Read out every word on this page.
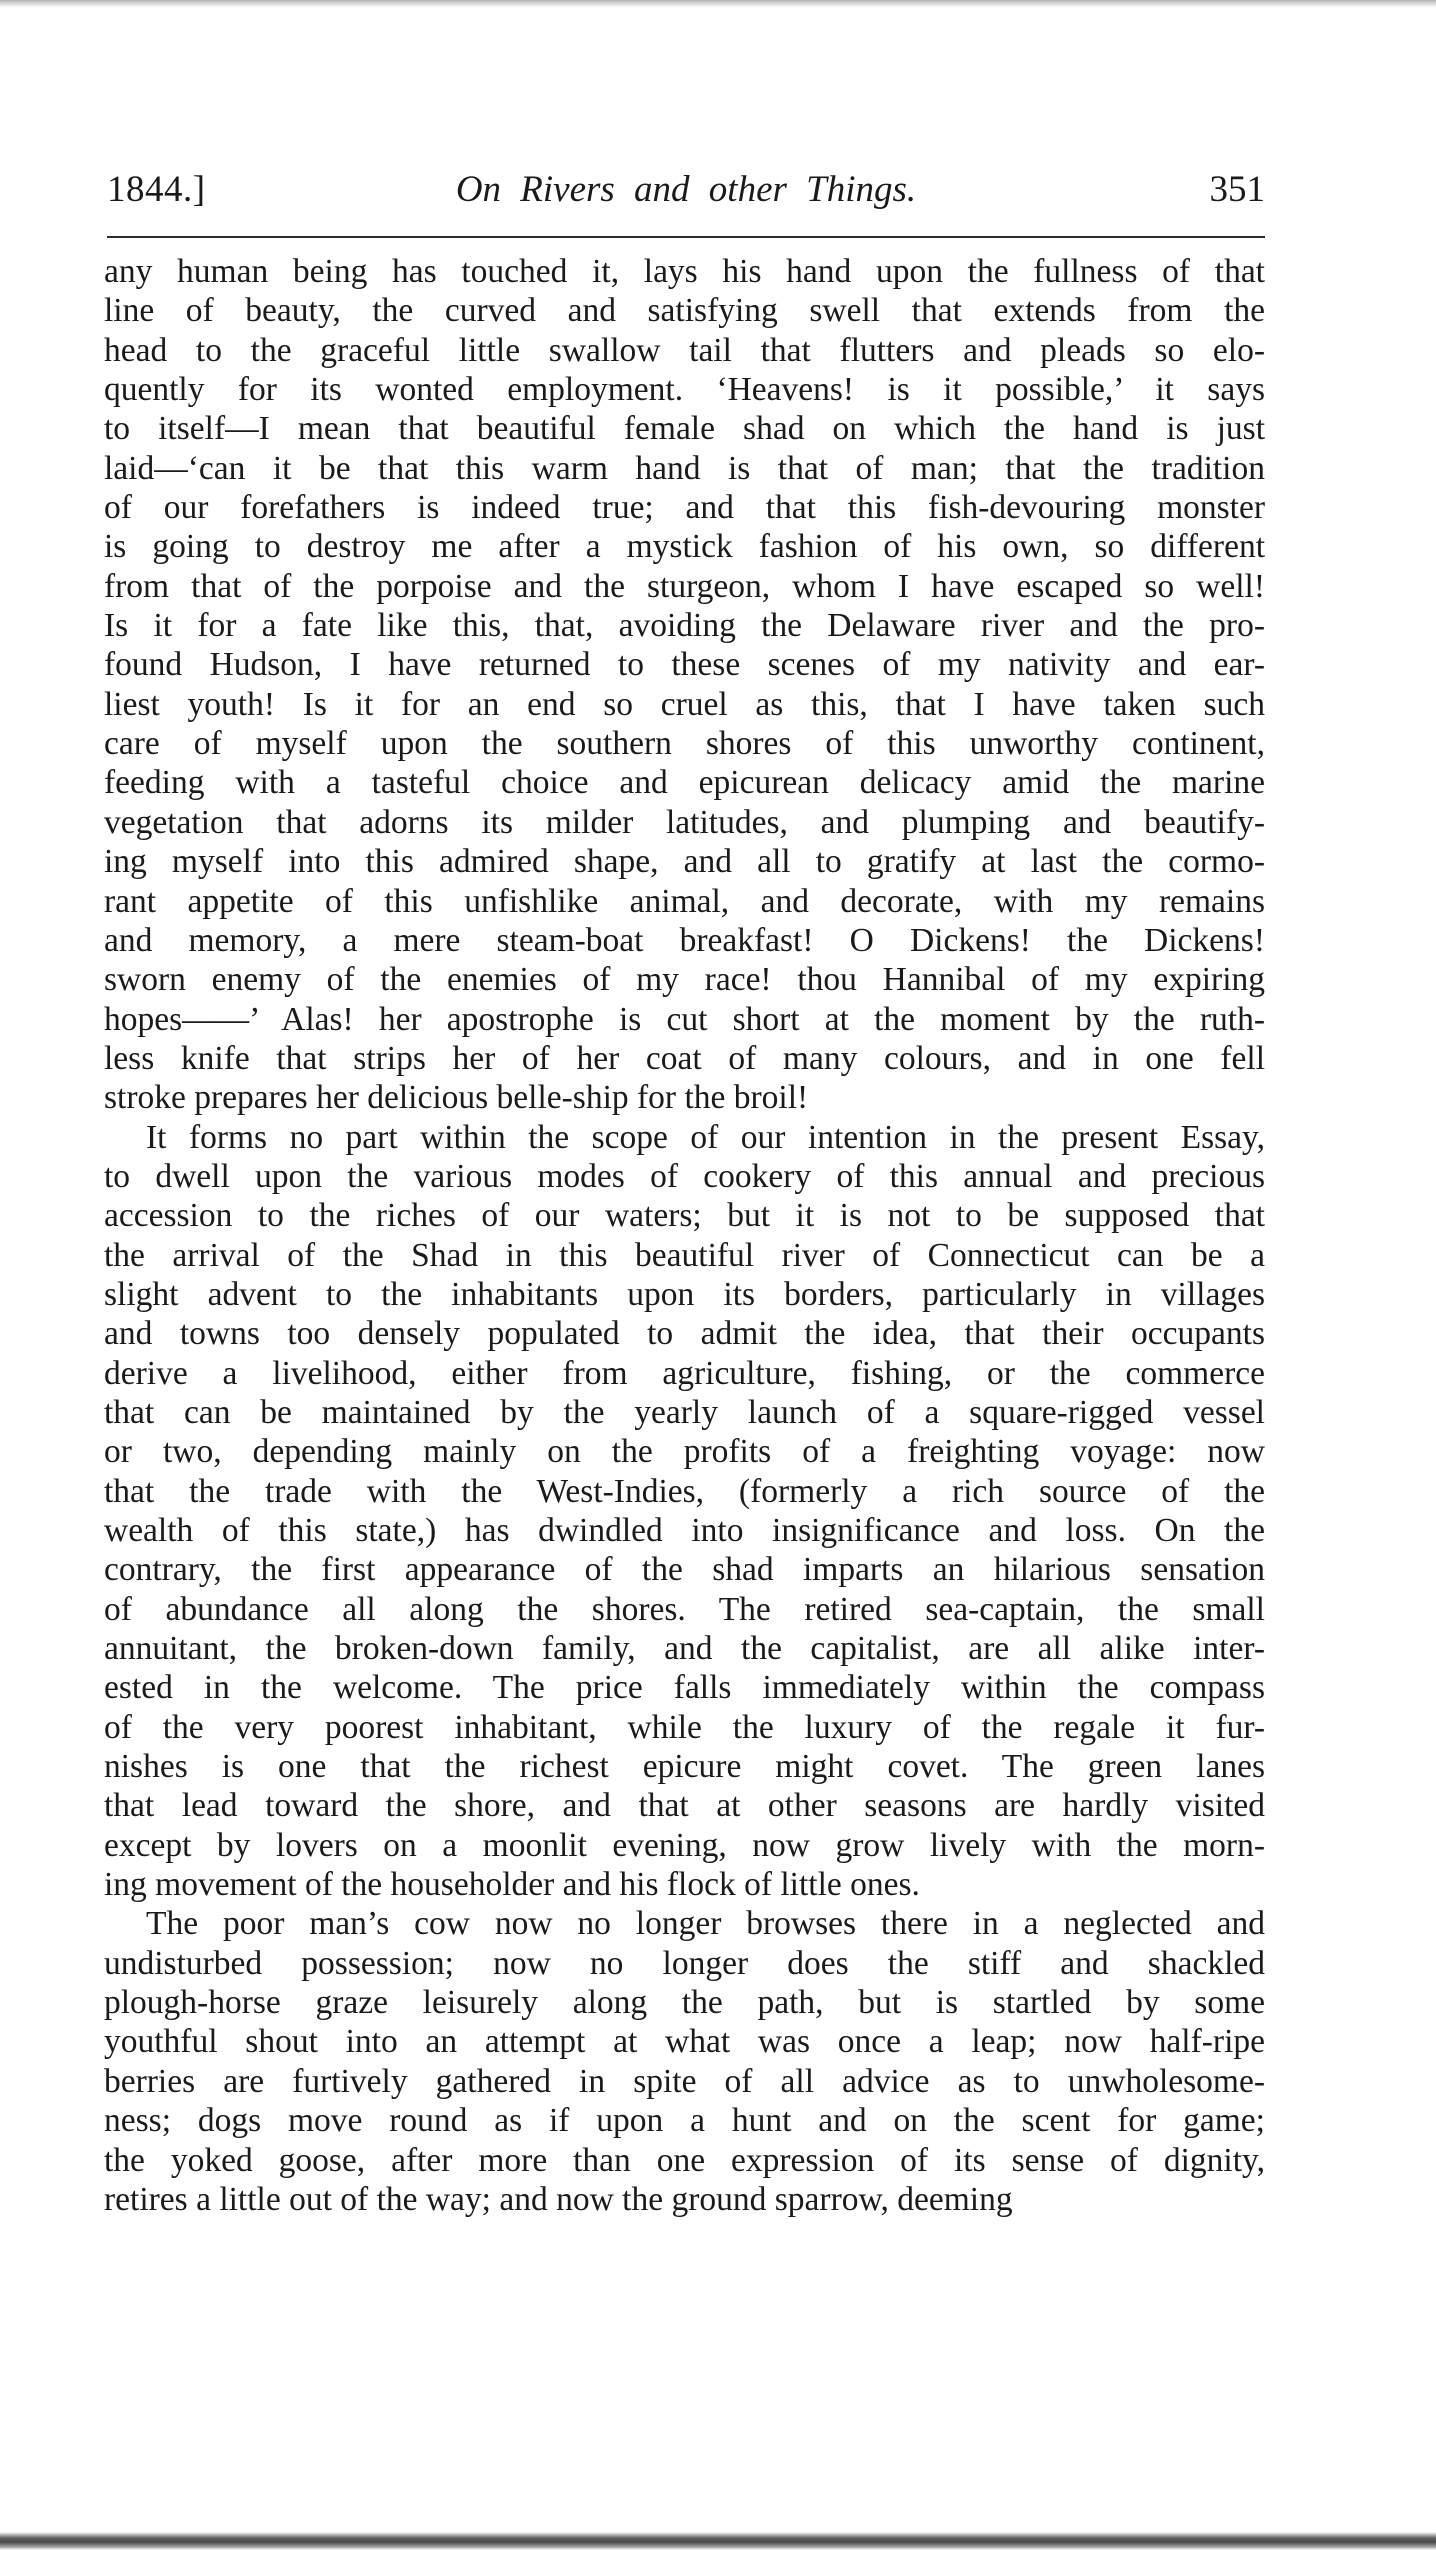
1844.]	On Rivers and other Things.	351
any human being has touched it, lays his hand upon the fullness of that
line of beauty, the curved and satisfying swell that extends from the
head to the graceful little swallow tail that flutters and pleads so elo-
quently for its wonted employment. ‘Heavens! is it possible,’ it says
to itself—I mean that beautiful female shad on which the hand is just
laid—‘can it be that this warm hand is that of man; that the tradition
of our forefathers is indeed true; and that this fish-devouring monster
is going to destroy me after a mystick fashion of his own, so different
from that of the porpoise and the sturgeon, whom I have escaped so well!
Is it for a fate like this, that, avoiding the Delaware river and the pro-
found Hudson, I have returned to these scenes of my nativity and ear-
liest youth! Is it for an end so cruel as this, that I have taken such
care of myself upon the southern shores of this unworthy continent,
feeding with a tasteful choice and epicurean delicacy amid the marine
vegetation that adorns its milder latitudes, and plumping and beautify-
ing myself into this admired shape, and all to gratify at last the cormo-
rant appetite of this unfishlike animal, and decorate, with my remains
and memory, a mere steam-boat breakfast! O Dickens! the Dickens!
sworn enemy of the enemies of my race! thou Hannibal of my expiring
hopes——’ Alas! her apostrophe is cut short at the moment by the ruth-
less knife that strips her of her coat of many colours, and in one fell
stroke prepares her delicious belle-ship for the broil!
It forms no part within the scope of our intention in the present Essay,
to dwell upon the various modes of cookery of this annual and precious
accession to the riches of our waters; but it is not to be supposed that
the arrival of the Shad in this beautiful river of Connecticut can be a
slight advent to the inhabitants upon its borders, particularly in villages
and towns too densely populated to admit the idea, that their occupants
derive a livelihood, either from agriculture, fishing, or the commerce
that can be maintained by the yearly launch of a square-rigged vessel
or two, depending mainly on the profits of a freighting voyage: now
that the trade with the West-Indies, (formerly a rich source of the
wealth of this state,) has dwindled into insignificance and loss. On the
contrary, the first appearance of the shad imparts an hilarious sensation
of abundance all along the shores. The retired sea-captain, the small
annuitant, the broken-down family, and the capitalist, are all alike inter-
ested in the welcome. The price falls immediately within the compass
of the very poorest inhabitant, while the luxury of the regale it fur-
nishes is one that the richest epicure might covet. The green lanes
that lead toward the shore, and that at other seasons are hardly visited
except by lovers on a moonlit evening, now grow lively with the morn-
ing movement of the householder and his flock of little ones.
The poor man’s cow now no longer browses there in a neglected and
undisturbed possession; now no longer does the stiff and shackled
plough-horse graze leisurely along the path, but is startled by some
youthful shout into an attempt at what was once a leap; now half-ripe
berries are furtively gathered in spite of all advice as to unwholesome-
ness; dogs move round as if upon a hunt and on the scent for game;
the yoked goose, after more than one expression of its sense of dignity,
retires a little out of the way; and now the ground sparrow, deeming
